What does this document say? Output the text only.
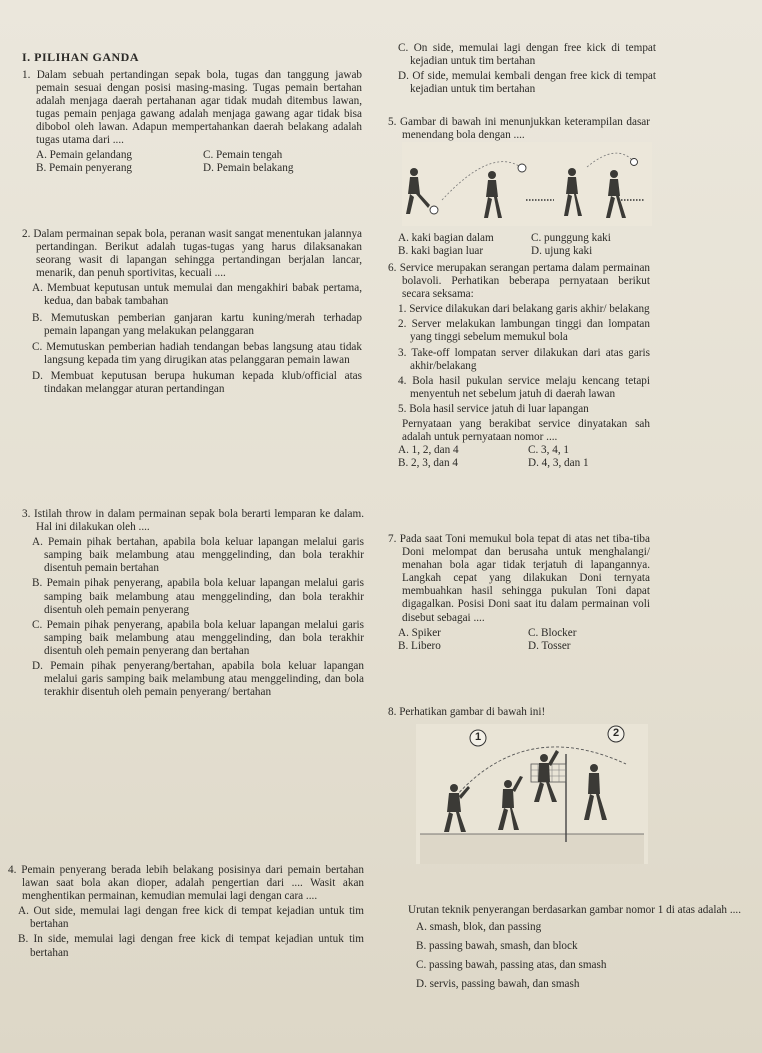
I. PILIHAN GANDA
1. Dalam sebuah pertandingan sepak bola, tugas dan tanggung jawab pemain sesuai dengan posisi masing-masing. Tugas pemain bertahan adalah menjaga daerah pertahanan agar tidak mudah ditembus lawan, tugas pemain penjaga gawang adalah menjaga gawang agar tidak bisa dibobol oleh lawan. Adapun mempertahankan daerah belakang adalah tugas utama dari ....
A. Pemain gelandang	C. Pemain tengah
B. Pemain penyerang	D. Pemain belakang
2. Dalam permainan sepak bola, peranan wasit sangat menentukan jalannya pertandingan. Berikut adalah tugas-tugas yang harus dilaksanakan seorang wasit di lapangan sehingga pertandingan berjalan lancar, menarik, dan penuh sportivitas, kecuali ....
A. Membuat keputusan untuk memulai dan mengakhiri babak pertama, kedua, dan babak tambahan
B. Memutuskan pemberian ganjaran kartu kuning/merah terhadap pemain lapangan yang melakukan pelanggaran
C. Memutuskan pemberian hadiah tendangan bebas langsung atau tidak langsung kepada tim yang dirugikan atas pelanggaran pemain lawan
D. Membuat keputusan berupa hukuman kepada klub/official atas tindakan melanggar aturan pertandingan
3. Istilah throw in dalam permainan sepak bola berarti lemparan ke dalam. Hal ini dilakukan oleh ....
A. Pemain pihak bertahan, apabila bola keluar lapangan melalui garis samping baik melambung atau menggelinding, dan bola terakhir disentuh pemain bertahan
B. Pemain pihak penyerang, apabila bola keluar lapangan melalui garis samping baik melambung atau menggelinding, dan bola terakhir disentuh oleh pemain penyerang
C. Pemain pihak penyerang, apabila bola keluar lapangan melalui garis samping baik melambung atau menggelinding, dan bola terakhir disentuh oleh pemain penyerang dan bertahan
D. Pemain pihak penyerang/bertahan, apabila bola keluar lapangan melalui garis samping baik melambung atau menggelinding, dan bola terakhir disentuh oleh pemain penyerang/ bertahan
4. Pemain penyerang berada lebih belakang posisinya dari pemain bertahan lawan saat bola akan dioper, adalah pengertian dari .... Wasit akan menghentikan permainan, kemudian memulai lagi dengan cara ....
A. Out side, memulai lagi dengan free kick di tempat kejadian untuk tim bertahan
B. In side, memulai lagi dengan free kick di tempat kejadian untuk tim bertahan
C. On side, memulai lagi dengan free kick di tempat kejadian untuk tim bertahan
D. Of side, memulai kembali dengan free kick di tempat kejadian untuk tim bertahan
5. Gambar di bawah ini menunjukkan keterampilan dasar menendang bola dengan ....
A. kaki bagian dalam	C. punggung kaki
B. kaki bagian luar	D. ujung kaki
6. Service merupakan serangan pertama dalam permainan bolavoli. Perhatikan beberapa pernyataan berikut secara seksama:
1. Service dilakukan dari belakang garis akhir/ belakang
2. Server melakukan lambungan tinggi dan lompatan yang tinggi sebelum memukul bola
3. Take-off lompatan server dilakukan dari atas garis akhir/belakang
4. Bola hasil pukulan service melaju kencang tetapi menyentuh net sebelum jatuh di daerah lawan
5. Bola hasil service jatuh di luar lapangan
Pernyataan yang berakibat service dinyatakan sah adalah untuk pernyataan nomor ....
A. 1, 2, dan 4	C. 3, 4, 1
B. 2, 3, dan 4	D. 4, 3, dan 1
7. Pada saat Toni memukul bola tepat di atas net tiba-tiba Doni melompat dan berusaha untuk menghalangi/ menahan bola agar tidak terjatuh di lapangannya. Langkah cepat yang dilakukan Doni ternyata membuahkan hasil sehingga pukulan Toni dapat digagalkan. Posisi Doni saat itu dalam permainan voli disebut sebagai ....
A. Spiker	C. Blocker
B. Libero	D. Tosser
8. Perhatikan gambar di bawah ini!
1	2
Urutan teknik penyerangan berdasarkan gambar nomor 1 di atas adalah ....
A. smash, blok, dan passing
B. passing bawah, smash, dan block
C. passing bawah, passing atas, dan smash
D. servis, passing bawah, dan smash
